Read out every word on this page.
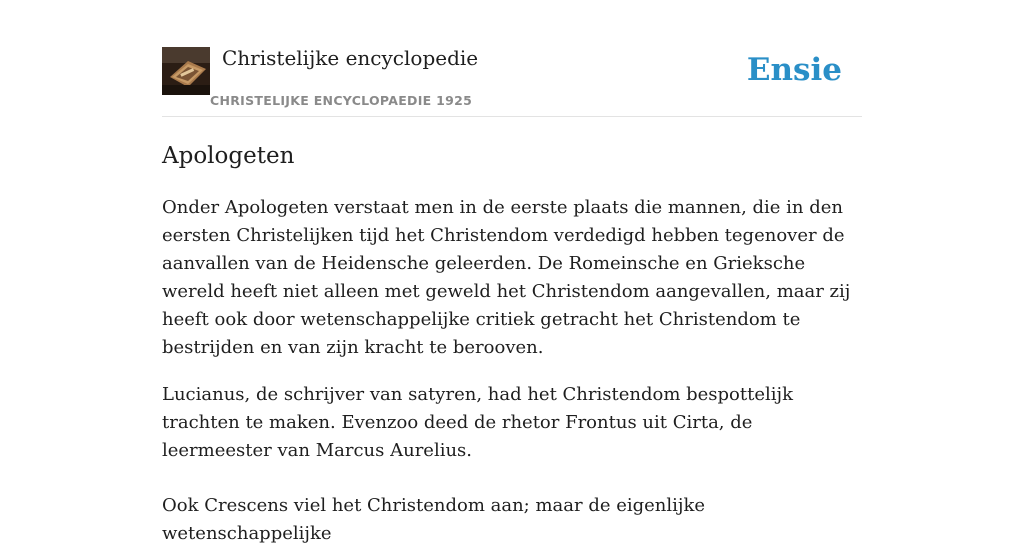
Christelijke encyclopedie
CHRISTELIJKE ENCYCLOPAEDIE 1925
Ensie
Apologeten

Onder Apologeten verstaat men in de eerste plaats die mannen, die in den eersten Christelijken tijd het Christendom verdedigd hebben tegenover de aanvallen van de Heidensche geleerden. De Romeinsche en Grieksche wereld heeft niet alleen met geweld het Christendom aangevallen, maar zij heeft ook door wetenschappelijke critiek getracht het Christendom te bestrijden en van zijn kracht te berooven.

Lucianus, de schrijver van satyren, had het Christendom bespottelijk trachten te maken. Evenzoo deed de rhetor Frontus uit Cirta, de leermeester van Marcus Aurelius.

Ook Crescens viel het Christendom aan; maar de eigenlijke wetenschappelijke
